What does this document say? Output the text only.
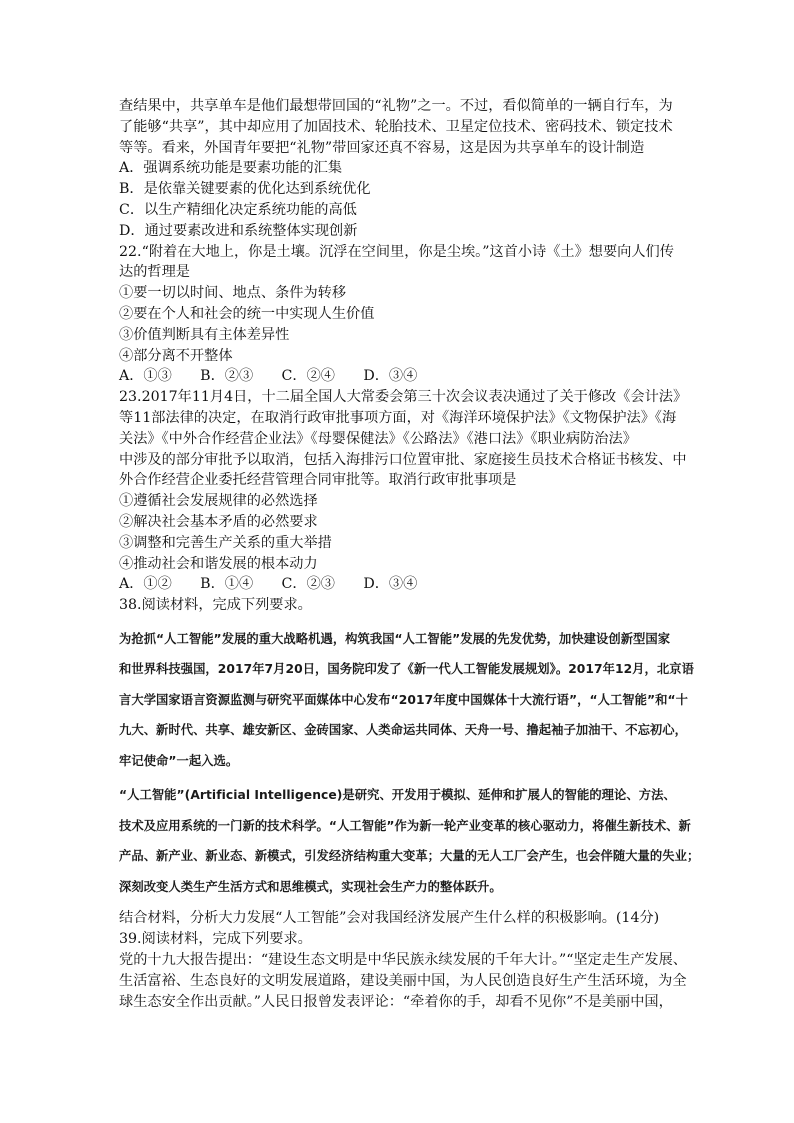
查结果中，共享单车是他们最想带回国的“礼物”之一。不过，看似简单的一辆自行车，为
了能够“共享”，其中却应用了加固技术、轮胎技术、卫星定位技术、密码技术、锁定技术
等等。看来，外国青年要把“礼物”带回家还真不容易，这是因为共享单车的设计制造
A．强调系统功能是要素功能的汇集
B．是依靠关键要素的优化达到系统优化
C．以生产精细化决定系统功能的高低
D．通过要素改进和系统整体实现创新
22.“附着在大地上，你是土壤。沉浮在空间里，你是尘埃。”这首小诗《土》想要向人们传
达的哲理是
①要一切以时间、地点、条件为转移
②要在个人和社会的统一中实现人生价值
③价值判断具有主体差异性
④部分离不开整体
A．①③　　B．②③　　C．②④　　D．③④
23.2017年11月4日，十二届全国人大常委会第三十次会议表决通过了关于修改《会计法》
等11部法律的决定，在取消行政审批事项方面，对《海洋环境保护法》《文物保护法》《海
关法》《中外合作经营企业法》《母婴保健法》《公路法》《港口法》《职业病防治法》
中涉及的部分审批予以取消，包括入海排污口位置审批、家庭接生员技术合格证书核发、中
外合作经营企业委托经营管理合同审批等。取消行政审批事项是
①遵循社会发展规律的必然选择
②解决社会基本矛盾的必然要求
③调整和完善生产关系的重大举措
④推动社会和谐发展的根本动力
A．①②　　B．①④　　C．②③　　D．③④
38.阅读材料，完成下列要求。
为抢抓“人工智能”发展的重大战略机遇，构筑我国“人工智能”发展的先发优势，加快建设创新型国家
和世界科技强国，2017年7月20日，国务院印发了《新一代人工智能发展规划》。2017年12月，北京语
言大学国家语言资源监测与研究平面媒体中心发布“2017年度中国媒体十大流行语”，“人工智能”和“十
九大、新时代、共享、雄安新区、金砖国家、人类命运共同体、天舟一号、撸起袖子加油干、不忘初心，
牢记使命”一起入选。
“人工智能”(Artificial Intelligence)是研究、开发用于模拟、延伸和扩展人的智能的理论、方法、
技术及应用系统的一门新的技术科学。“人工智能”作为新一轮产业变革的核心驱动力，将催生新技术、新
产品、新产业、新业态、新模式，引发经济结构重大变革；大量的无人工厂会产生，也会伴随大量的失业；
深刻改变人类生产生活方式和思维模式，实现社会生产力的整体跃升。
结合材料，分析大力发展“人工智能”会对我国经济发展产生什么样的积极影响。(14分)
39.阅读材料，完成下列要求。
党的十九大报告提出：“建设生态文明是中华民族永续发展的千年大计。”“坚定走生产发展、
生活富裕、生态良好的文明发展道路，建设美丽中国，为人民创造良好生产生活环境，为全
球生态安全作出贡献。”人民日报曾发表评论：“牵着你的手，却看不见你”不是美丽中国，
